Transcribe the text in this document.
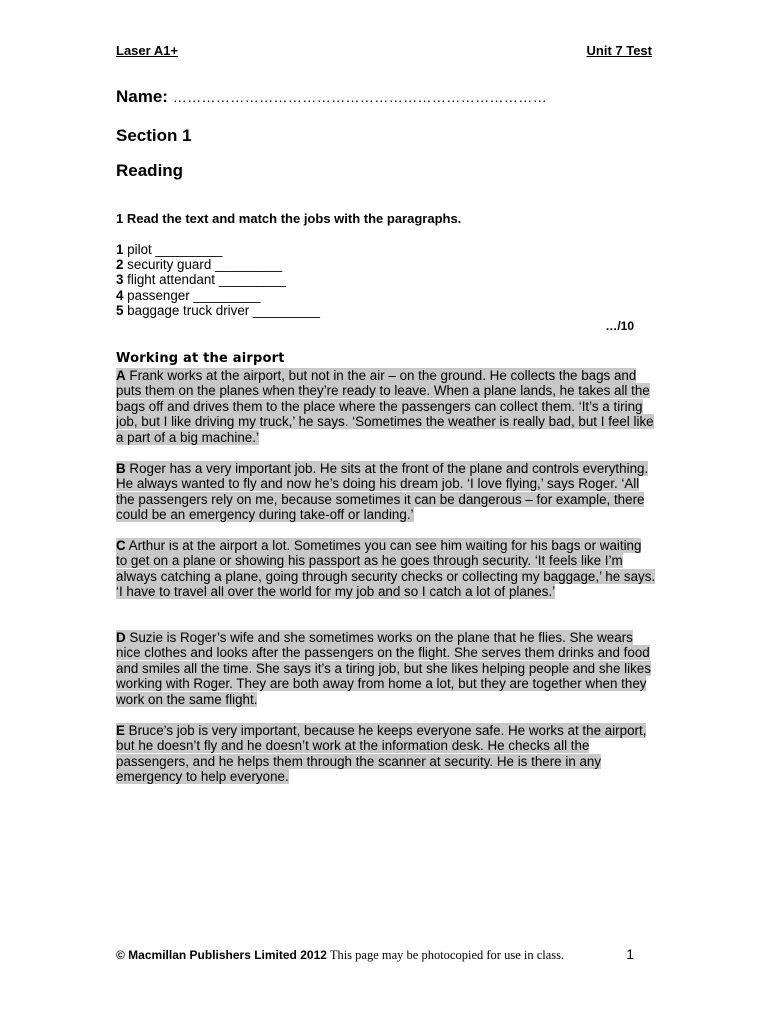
Laser A1+	Unit 7 Test
Name: ……………………………………………………………………
Section 1
Reading
1 Read the text and match the jobs with the paragraphs.
1 pilot _________
2 security guard _________
3 flight attendant _________
4 passenger _________
5 baggage truck driver _________
…/10
Working at the airport

A Frank works at the airport, but not in the air – on the ground. He collects the bags and puts them on the planes when they’re ready to leave. When a plane lands, he takes all the bags off and drives them to the place where the passengers can collect them. ‘It’s a tiring job, but I like driving my truck,’ he says. ‘Sometimes the weather is really bad, but I feel like a part of a big machine.’

B Roger has a very important job. He sits at the front of the plane and controls everything. He always wanted to fly and now he’s doing his dream job. ‘I love flying,’ says Roger. ‘All the passengers rely on me, because sometimes it can be dangerous – for example, there could be an emergency during take-off or landing.’

C Arthur is at the airport a lot. Sometimes you can see him waiting for his bags or waiting to get on a plane or showing his passport as he goes through security. ‘It feels like I’m always catching a plane, going through security checks or collecting my baggage,’ he says. ‘I have to travel all over the world for my job and so I catch a lot of planes.’

D Suzie is Roger’s wife and she sometimes works on the plane that he flies. She wears nice clothes and looks after the passengers on the flight. She serves them drinks and food and smiles all the time. She says it’s a tiring job, but she likes helping people and she likes working with Roger. They are both away from home a lot, but they are together when they work on the same flight.

E Bruce’s job is very important, because he keeps everyone safe. He works at the airport, but he doesn’t fly and he doesn’t work at the information desk. He checks all the passengers, and he helps them through the scanner at security. He is there in any emergency to help everyone.

© Macmillan Publishers Limited 2012 This page may be photocopied for use in class.	1
